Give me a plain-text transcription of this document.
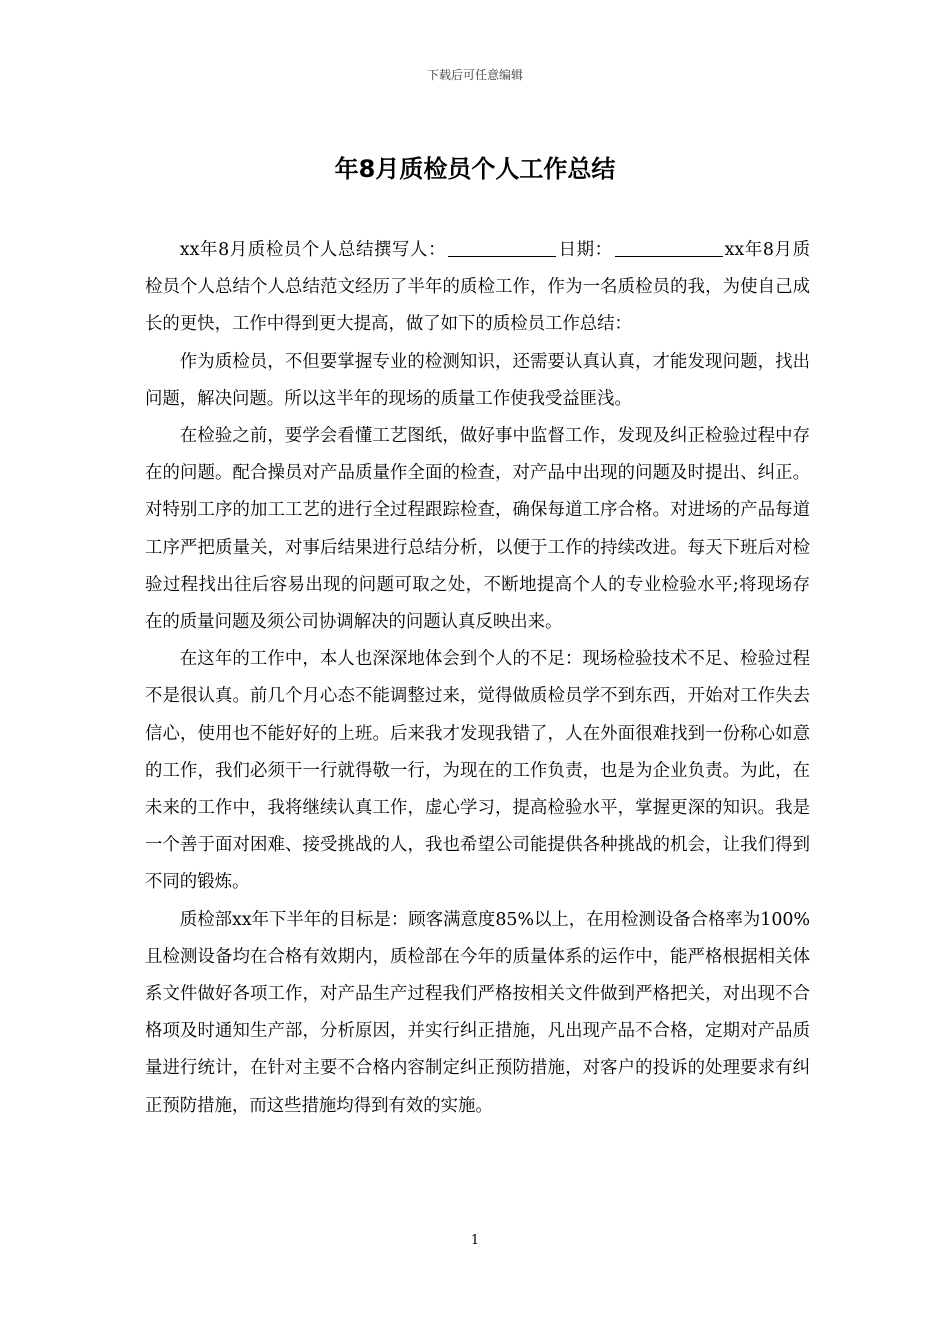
下载后可任意编辑
年8月质检员个人工作总结

xx年8月质检员个人总结撰写人：	日期：	xx年8月质检员个人总结个人总结范文经历了半年的质检工作，作为一名质检员的我，为使自己成长的更快，工作中得到更大提高，做了如下的质检员工作总结：

作为质检员，不但要掌握专业的检测知识，还需要认真认真，才能发现问题，找出问题，解决问题。所以这半年的现场的质量工作使我受益匪浅。

在检验之前，要学会看懂工艺图纸，做好事中监督工作，发现及纠正检验过程中存在的问题。配合操员对产品质量作全面的检查，对产品中出现的问题及时提出、纠正。对特别工序的加工工艺的进行全过程跟踪检查，确保每道工序合格。对进场的产品每道工序严把质量关，对事后结果进行总结分析，以便于工作的持续改进。每天下班后对检验过程找出往后容易出现的问题可取之处，不断地提高个人的专业检验水平;将现场存在的质量问题及须公司协调解决的问题认真反映出来。

在这年的工作中，本人也深深地体会到个人的不足：现场检验技术不足、检验过程不是很认真。前几个月心态不能调整过来，觉得做质检员学不到东西，开始对工作失去信心，使用也不能好好的上班。后来我才发现我错了，人在外面很难找到一份称心如意的工作，我们必须干一行就得敬一行，为现在的工作负责，也是为企业负责。为此，在未来的工作中，我将继续认真工作，虚心学习，提高检验水平，掌握更深的知识。我是一个善于面对困难、接受挑战的人，我也希望公司能提供各种挑战的机会，让我们得到不同的锻炼。

质检部xx年下半年的目标是：顾客满意度85%以上，在用检测设备合格率为100%且检测设备均在合格有效期内，质检部在今年的质量体系的运作中，能严格根据相关体系文件做好各项工作，对产品生产过程我们严格按相关文件做到严格把关，对出现不合格项及时通知生产部，分析原因，并实行纠正措施，凡出现产品不合格，定期对产品质量进行统计，在针对主要不合格内容制定纠正预防措施，对客户的投诉的处理要求有纠正预防措施，而这些措施均得到有效的实施。

1
